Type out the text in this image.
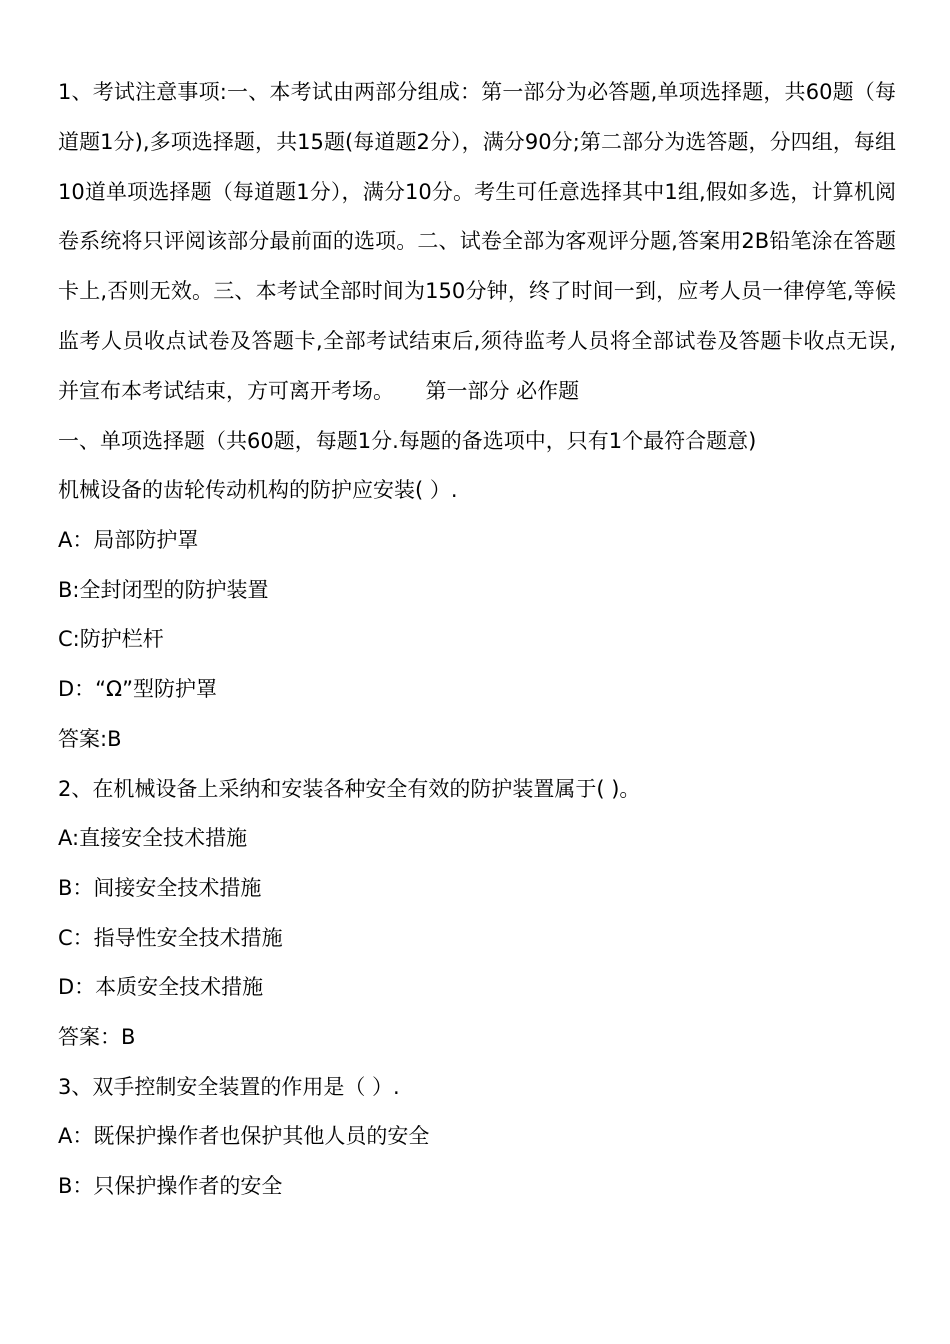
1、考试注意事项:一、本考试由两部分组成：第一部分为必答题,单项选择题，共60题（每道题1分),多项选择题，共15题(每道题2分），满分90分;第二部分为选答题，分四组，每组10道单项选择题（每道题1分），满分10分。考生可任意选择其中1组,假如多选，计算机阅卷系统将只评阅该部分最前面的选项。二、试卷全部为客观评分题,答案用2B铅笔涂在答题卡上,否则无效。三、本考试全部时间为150分钟，终了时间一到，应考人员一律停笔,等候监考人员收点试卷及答题卡,全部考试结束后,须待监考人员将全部试卷及答题卡收点无误,并宣布本考试结束，方可离开考场。　　第一部分 必作题

一、单项选择题（共60题，每题1分.每题的备选项中，只有1个最符合题意)

机械设备的齿轮传动机构的防护应安装( ）.

A：局部防护罩

B:全封闭型的防护装置

C:防护栏杆

D：“Ω”型防护罩

答案:B

2、在机械设备上采纳和安装各种安全有效的防护装置属于( )。

A:直接安全技术措施

B：间接安全技术措施

C：指导性安全技术措施

D：本质安全技术措施

答案：B

3、双手控制安全装置的作用是（ ）.

A：既保护操作者也保护其他人员的安全

B：只保护操作者的安全
